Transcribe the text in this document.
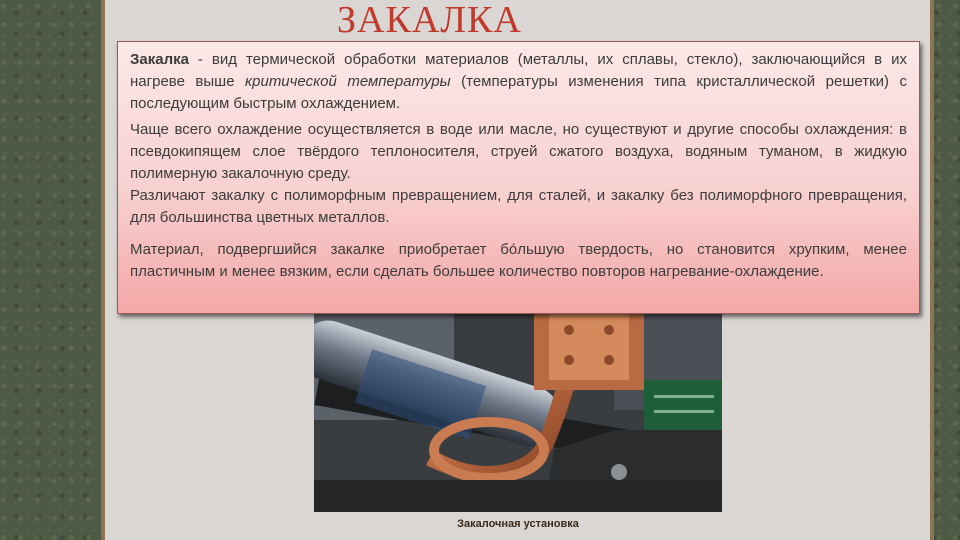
ЗАКАЛКА
Закалочная установка

Закалка - вид термической обработки материалов (металлы, их сплавы, стекло), заключающийся в их нагреве выше критической температуры (температуры изменения типа кристаллической решетки) с последующим быстрым охлаждением.

Чаще всего охлаждение осуществляется в воде или масле, но существуют и другие способы охлаждения: в псевдокипящем слое твёрдого теплоносителя, струей сжатого воздуха, водяным туманом, в жидкую полимерную закалочную среду.

Различают закалку с полиморфным превращением, для сталей, и закалку без полиморфного превращения, для большинства цветных металлов.

Материал, подвергшийся закалке приобретает бо́льшую твердость, но становится хрупким, менее пластичным и менее вязким, если сделать большее количество повторов нагревание-охлаждение.
